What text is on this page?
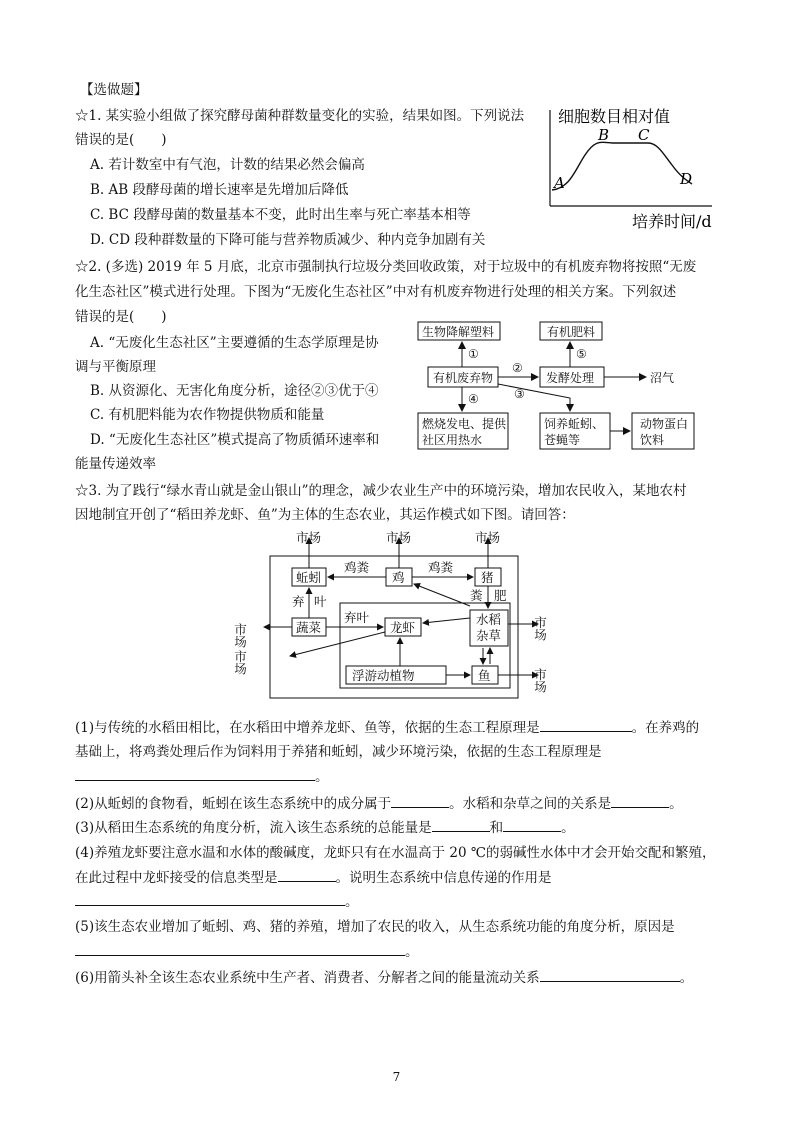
【选做题】
☆1. 某实验小组做了探究酵母菌种群数量变化的实验，结果如图。下列说法
错误的是(　　)
A. 若计数室中有气泡，计数的结果必然会偏高
B. AB 段酵母菌的增长速率是先增加后降低
C. BC 段酵母菌的数量基本不变，此时出生率与死亡率基本相等
D. CD 段种群数量的下降可能与营养物质减少、种内竞争加剧有关
细胞数目相对值
A
B C
D
培养时间/d
☆2. (多选) 2019 年 5 月底，北京市强制执行垃圾分类回收政策，对于垃圾中的有机废弃物将按照“无废
化生态社区”模式进行处理。下图为“无废化生态社区”中对有机废弃物进行处理的相关方案。下列叙述
错误的是(　　)
A. “无废化生态社区”主要遵循的生态学原理是协
调与平衡原理
B. 从资源化、无害化角度分析，途径②③优于④
C. 有机肥料能为农作物提供物质和能量
D. “无废化生态社区”模式提高了物质循环速率和
能量传递效率
生物降解塑料	有机肥料
有机废弃物	发酵处理	沼气
燃烧发电、提供
社区用热水
饲养蚯蚓、
苍蝇等
动物蛋白
饮料
①
②
⑤
④	③
☆3. 为了践行“绿水青山就是金山银山”的理念，减少农业生产中的环境污染，增加农民收入，某地农村
因地制宜开创了“稻田养龙虾、鱼”为主体的生态农业，其运作模式如下图。请回答：
市场	市场	市场
蚯蚓	鸡	猪
鸡粪	鸡粪
弃 叶
蔬菜
弃叶
龙虾
水稻
杂草
粪 肥
浮游动植物	鱼
市场
市场
市场
市场
(1)与传统的水稻田相比，在水稻田中增养龙虾、鱼等，依据的生态工程原理是	。在养鸡的
基础上，将鸡粪处理后作为饲料用于养猪和蚯蚓，减少环境污染，依据的生态工程原理是
。
(2)从蚯蚓的食物看，蚯蚓在该生态系统中的成分属于	。水稻和杂草之间的关系是	。
(3)从稻田生态系统的角度分析，流入该生态系统的总能量是	和	。
(4)养殖龙虾要注意水温和水体的酸碱度，龙虾只有在水温高于 20 ℃的弱碱性水体中才会开始交配和繁殖，
在此过程中龙虾接受的信息类型是	。说明生态系统中信息传递的作用是
。
(5)该生态农业增加了蚯蚓、鸡、猪的养殖，增加了农民的收入，从生态系统功能的角度分析，原因是
。
(6)用箭头补全该生态农业系统中生产者、消费者、分解者之间的能量流动关系	。
7
